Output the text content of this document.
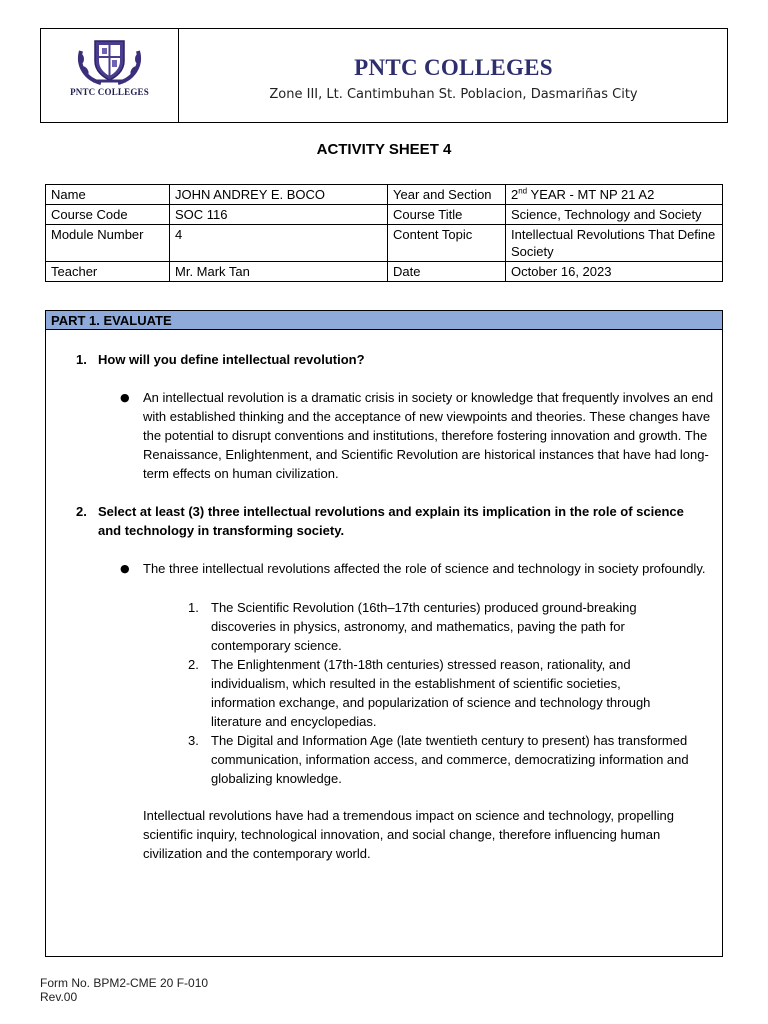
PNTC COLLEGES
PNTC COLLEGES
Zone III, Lt. Cantimbuhan St. Poblacion, Dasmariñas City
ACTIVITY SHEET 4
Name	JOHN ANDREY E. BOCO	Year and Section	2nd YEAR - MT NP 21 A2
Course Code	SOC 116	Course Title	Science, Technology and Society
Module Number	4	Content Topic	Intellectual Revolutions That Define Society
Teacher	Mr. Mark Tan	Date	October 16, 2023
PART 1. EVALUATE
1. How will you define intellectual revolution?
● An intellectual revolution is a dramatic crisis in society or knowledge that frequently involves an end with established thinking and the acceptance of new viewpoints and theories. These changes have the potential to disrupt conventions and institutions, therefore fostering innovation and growth. The Renaissance, Enlightenment, and Scientific Revolution are historical instances that have had long-term effects on human civilization.
2. Select at least (3) three intellectual revolutions and explain its implication in the role of science and technology in transforming society.
● The three intellectual revolutions affected the role of science and technology in society profoundly.
1. The Scientific Revolution (16th–17th centuries) produced ground-breaking discoveries in physics, astronomy, and mathematics, paving the path for contemporary science.
2. The Enlightenment (17th-18th centuries) stressed reason, rationality, and individualism, which resulted in the establishment of scientific societies, information exchange, and popularization of science and technology through literature and encyclopedias.
3. The Digital and Information Age (late twentieth century to present) has transformed communication, information access, and commerce, democratizing information and globalizing knowledge.
Intellectual revolutions have had a tremendous impact on science and technology, propelling scientific inquiry, technological innovation, and social change, therefore influencing human civilization and the contemporary world.
Form No. BPM2-CME 20 F-010
Rev.00
